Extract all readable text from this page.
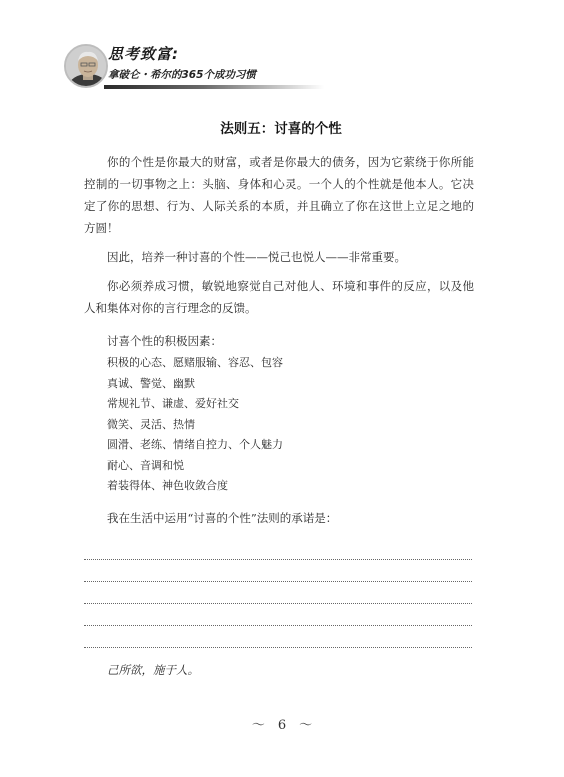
思考致富:
拿破仑・希尔的365个成功习惯
法则五：讨喜的个性

你的个性是你最大的财富，或者是你最大的债务，因为它萦绕于你所能控制的一切事物之上：头脑、身体和心灵。一个人的个性就是他本人。它决定了你的思想、行为、人际关系的本质，并且确立了你在这世上立足之地的方圆！

因此，培养一种讨喜的个性——悦己也悦人——非常重要。

你必须养成习惯，敏锐地察觉自己对他人、环境和事件的反应，以及他人和集体对你的言行理念的反馈。

讨喜个性的积极因素：
积极的心态、愿赌服输、容忍、包容
真诚、警觉、幽默
常规礼节、谦虚、爱好社交
微笑、灵活、热情
圆滑、老练、情绪自控力、个人魅力
耐心、音调和悦
着装得体、神色收敛合度
我在生活中运用“讨喜的个性”法则的承诺是：
己所欲，施于人。
～　6　～
